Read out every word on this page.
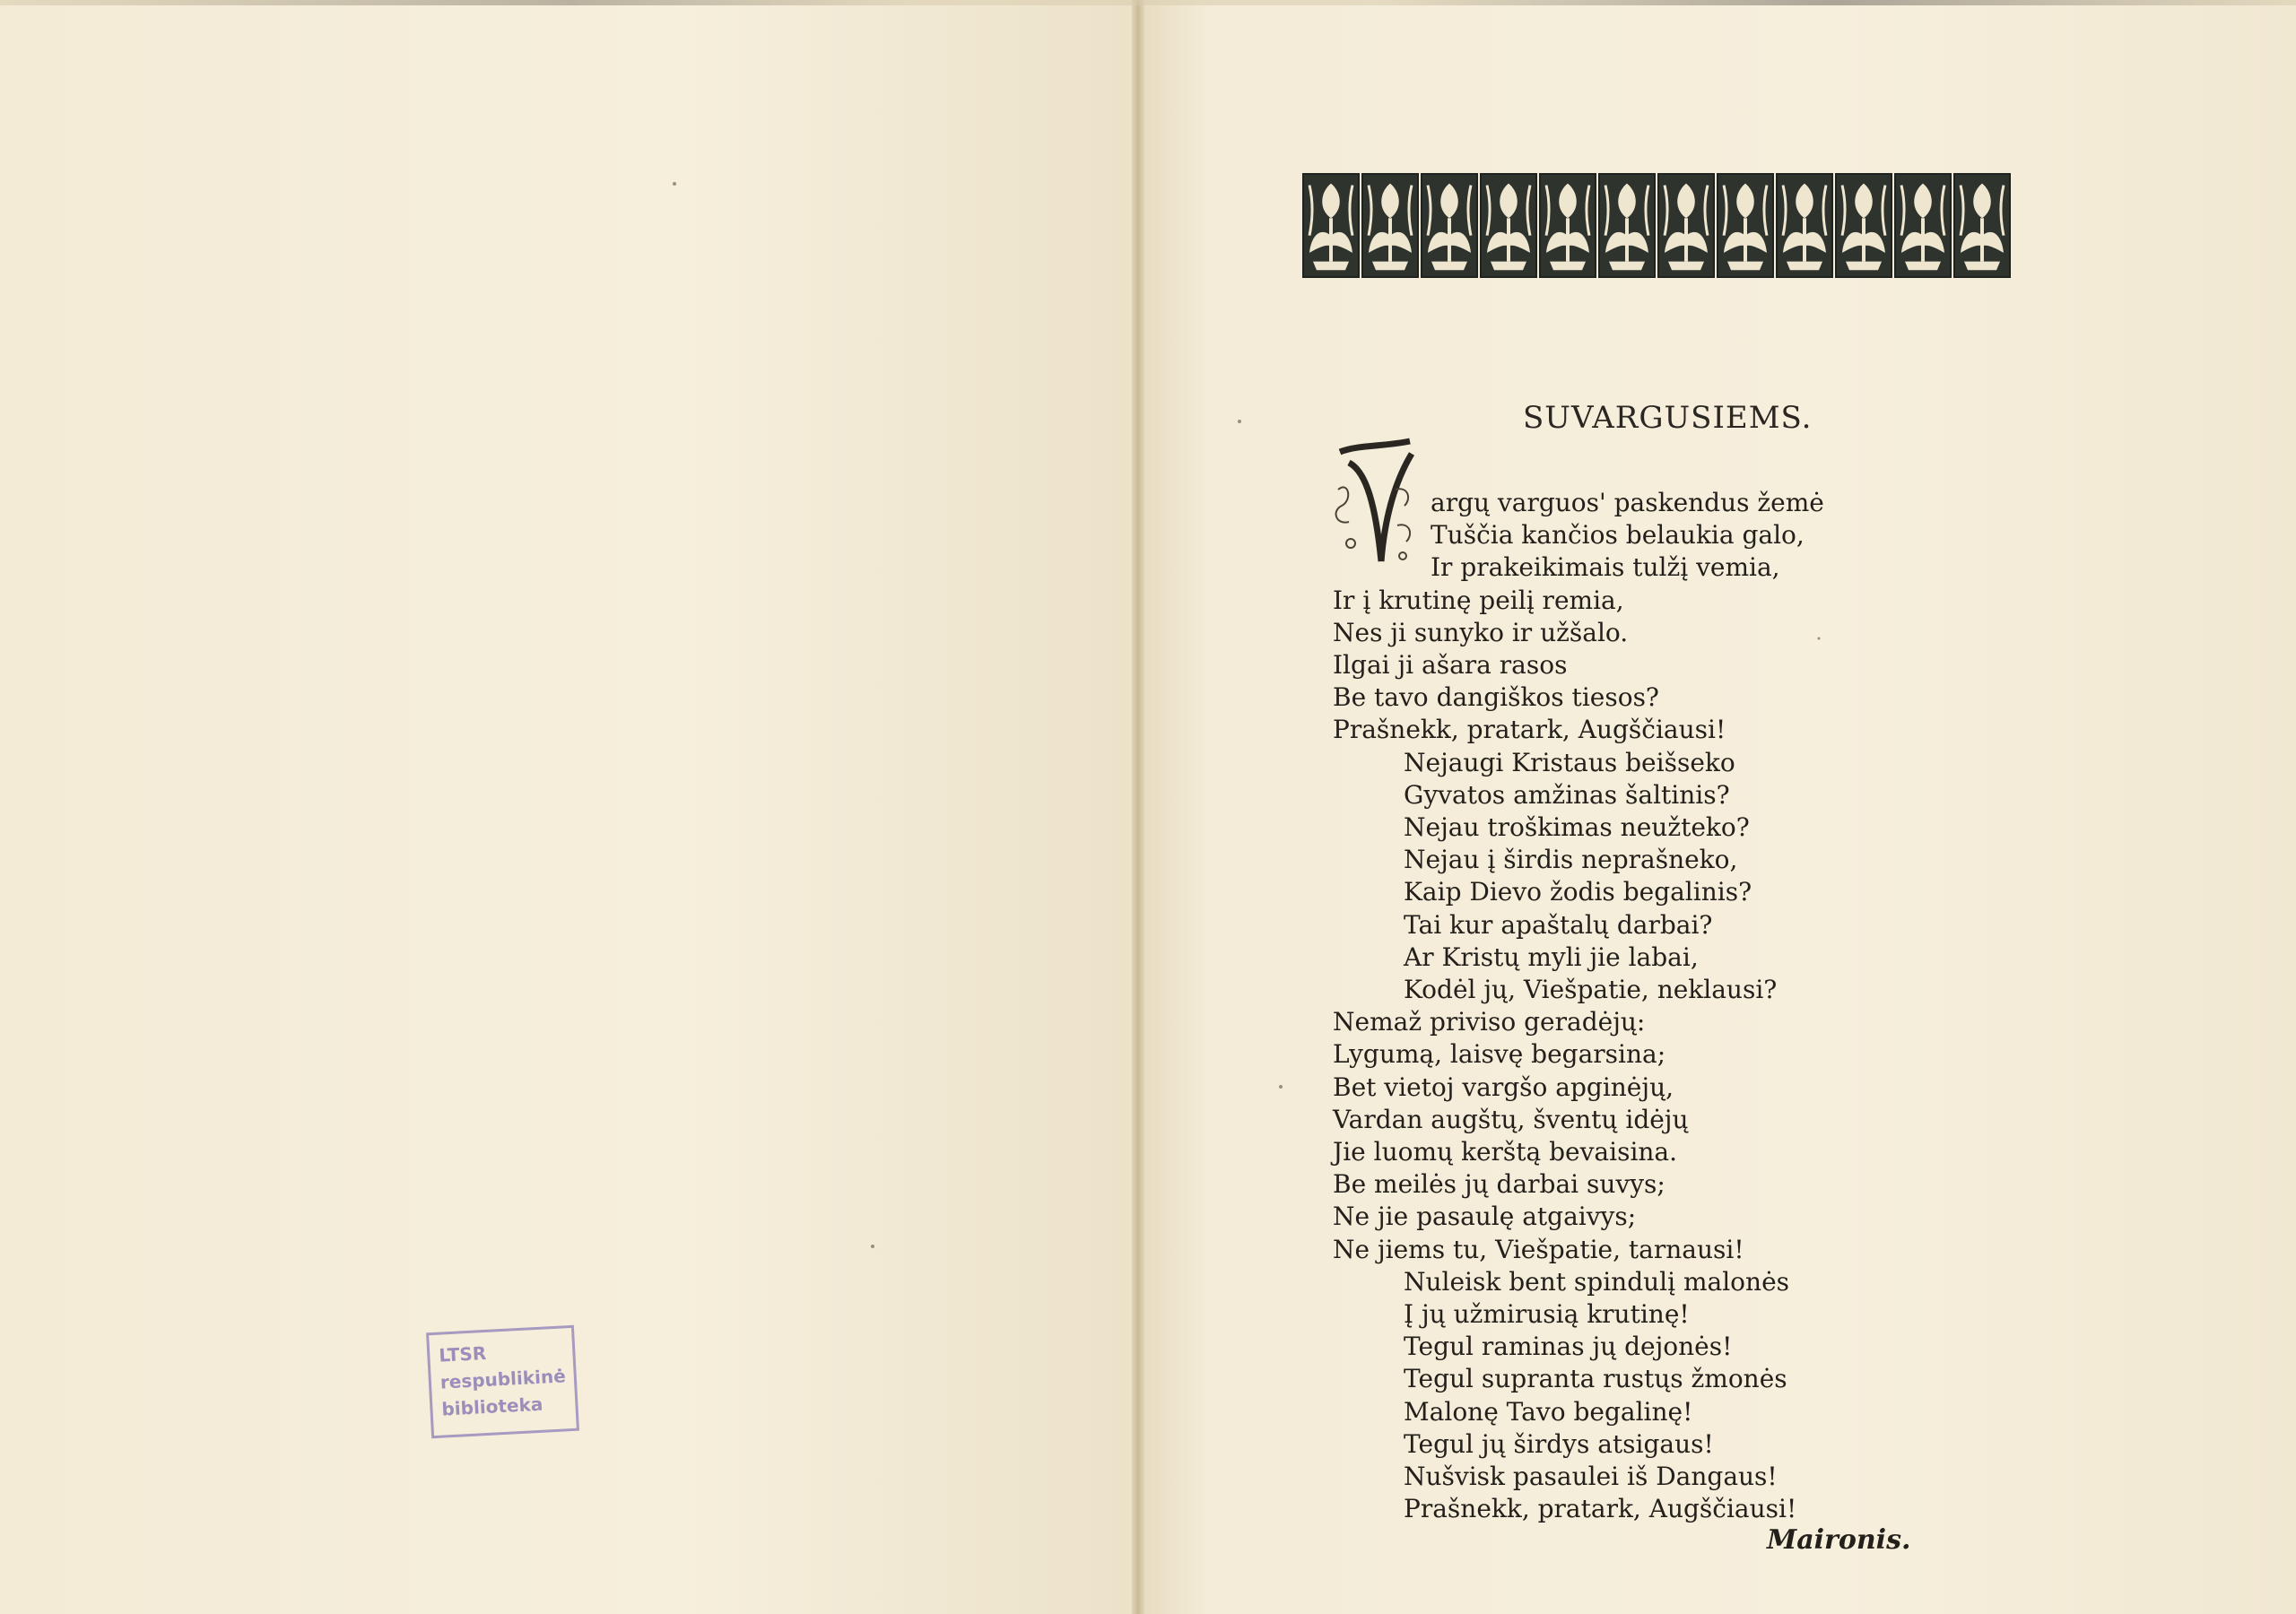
LTSR
respublikinė
biblioteka
SUVARGUSIEMS.
argų varguos' paskendus žemė
Tuščia kančios belaukia galo,
Ir prakeikimais tulžį vemia,
Ir į krutinę peilį remia,
Nes ji sunyko ir užšalo.
Ilgai ji ašara rasos
Be tavo dangiškos tiesos?
Prašnekk, pratark, Augščiausi!
Nejaugi Kristaus beišseko
Gyvatos amžinas šaltinis?
Nejau troškimas neužteko?
Nejau į širdis neprašneko,
Kaip Dievo žodis begalinis?
Tai kur apaštalų darbai?
Ar Kristų myli jie labai,
Kodėl jų, Viešpatie, neklausi?
Nemaž priviso geradėjų:
Lygumą, laisvę begarsina;
Bet vietoj vargšo apginėjų,
Vardan augštų, šventų idėjų
Jie luomų kerštą bevaisina.
Be meilės jų darbai suvys;
Ne jie pasaulę atgaivys;
Ne jiems tu, Viešpatie, tarnausi!
Nuleisk bent spindulį malonės
Į jų užmirusią krutinę!
Tegul raminas jų dejonės!
Tegul supranta rustųs žmonės
Malonę Tavo begalinę!
Tegul jų širdys atsigaus!
Nušvisk pasaulei iš Dangaus!
Prašnekk, pratark, Augščiausi!
Maironis.
